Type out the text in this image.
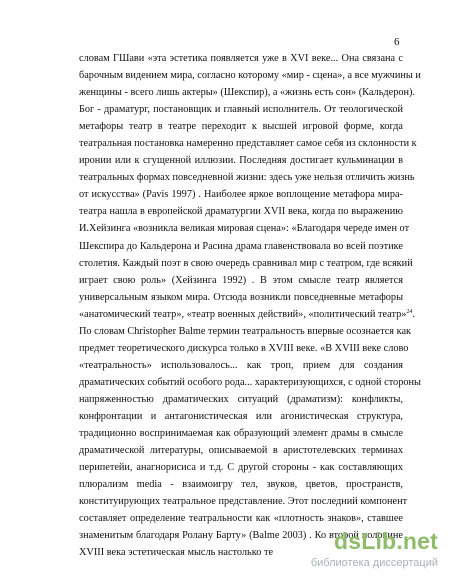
6
словам ГШави «эта эстетика появляется уже в XVI веке... Она связана с
барочным видением мира, согласно которому «мир - сцена», а все мужчины и
женщины - всего лишь актеры» (Шекспир), а «жизнь есть сон» (Кальдерон).
Бог - драматург, постановщик и главный исполнитель. От теологической
метафоры театр в театре переходит к высшей игровой форме, когда
театральная постановка намеренно представляет самое себя из склонности к
иронии или к сгущенной иллюзии. Последняя достигает кульминации в
театральных формах повседневной жизни: здесь уже нельзя отличить жизнь
от искусства» (Pavis 1997) . Наиболее яркое воплощение метафора мира-
театра нашла в европейской драматургии XVII века, когда по выражению
И.Хейзинга «возникла великая мировая сцена»: «Благодаря череде имен от
Шекспира до Кальдерона и Расина драма главенствовала во всей поэтике
столетия. Каждый поэт в свою очередь сравнивал мир с театром, где всякий
играет свою роль» (Хейзинга 1992) . В этом смысле театр является
универсальным языком мира. Отсюда возникли повседневные метафоры
«анатомический театр», «театр военных действий», «политический театр»$^{24}$.
По словам Christopher Balme термин театральность впервые осознается как
предмет теоретического дискурса только в XVIII веке. «В XVIII веке слово
«театральность» использовалось... как троп, прием для создания
драматических событий особого рода... характеризующихся, с одной стороны
напряженностью драматических ситуаций (драматизм): конфликты,
конфронтации и антагонистическая или агонистическая структура,
традиционно воспринимаемая как образующий элемент драмы в смысле
драматической литературы, описываемой в аристотелевских терминах
перипетейи, анагнорисиса и т.д. С другой стороны - как составляющих
плюрализм media - взаимоигру тел, звуков, цветов, пространств,
конституирующих театральное представление. Этот последний компонент
составляет определение театральности как «плотность знаков», ставшее
знаменитым благодаря Ролану Барту» (Balme 2003) . Ко второй половине
XVIII века эстетическая мысль настолько те	dsLib.net
библиотека диссертаций
